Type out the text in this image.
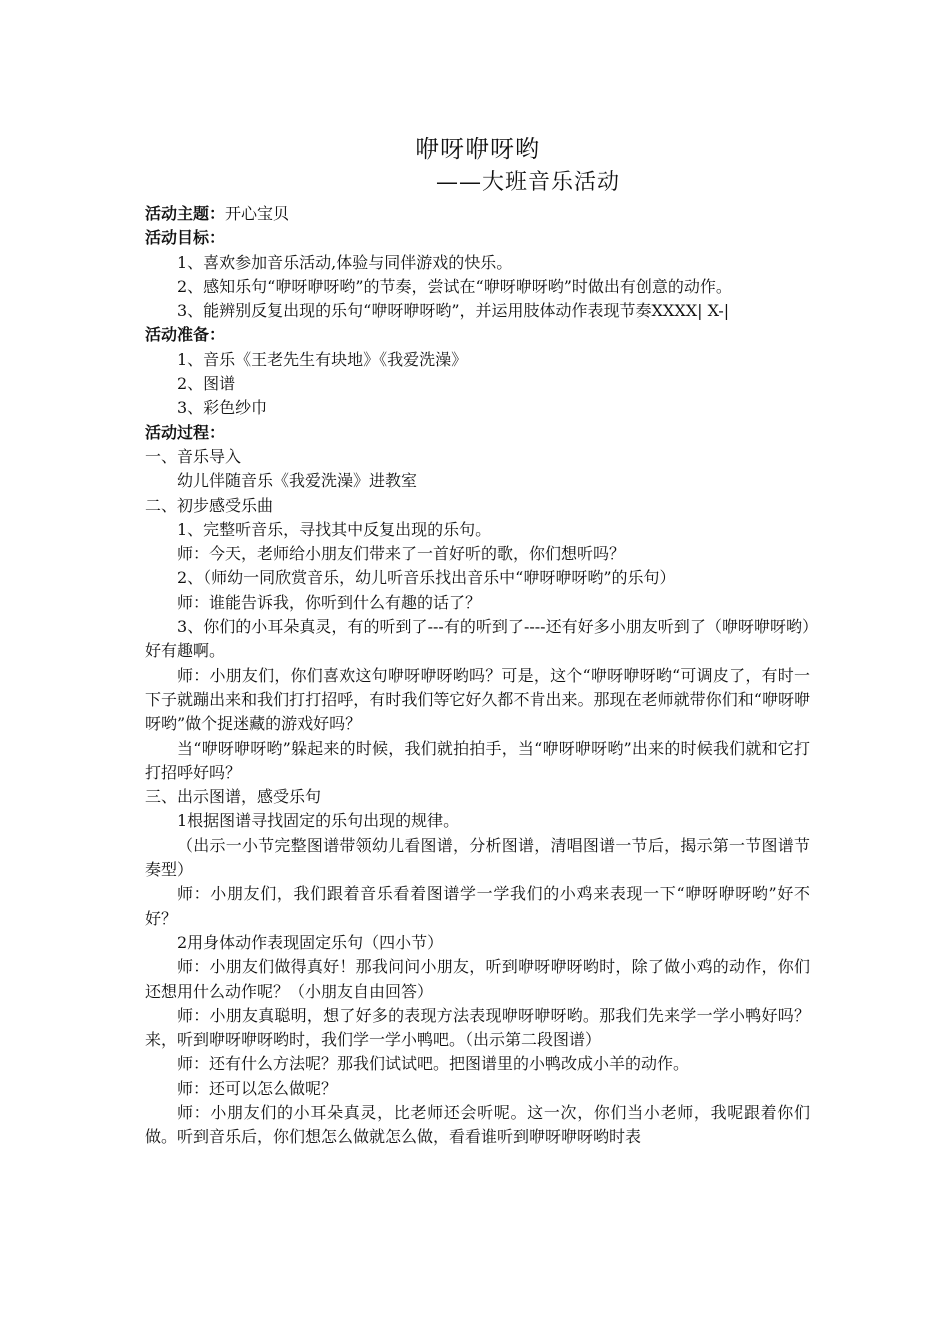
咿呀咿呀哟
——大班音乐活动
活动主题：开心宝贝
活动目标：
1、喜欢参加音乐活动,体验与同伴游戏的快乐。
2、感知乐句“咿呀咿呀哟”的节奏，尝试在“咿呀咿呀哟”时做出有创意的动作。
3、能辨别反复出现的乐句“咿呀咿呀哟”，并运用肢体动作表现节奏XXXX| X-|
活动准备：
1、音乐《王老先生有块地》《我爱洗澡》
2、图谱
3、彩色纱巾
活动过程：
一、音乐导入
幼儿伴随音乐《我爱洗澡》进教室
二、初步感受乐曲
1、完整听音乐，寻找其中反复出现的乐句。
师：今天，老师给小朋友们带来了一首好听的歌，你们想听吗？
2、（师幼一同欣赏音乐，幼儿听音乐找出音乐中“咿呀咿呀哟”的乐句）
师：谁能告诉我，你听到什么有趣的话了？
3、你们的小耳朵真灵，有的听到了---有的听到了----还有好多小朋友听到了（咿呀咿呀哟）好有趣啊。
师：小朋友们，你们喜欢这句咿呀咿呀哟吗？可是，这个“咿呀咿呀哟“可调皮了，有时一下子就蹦出来和我们打打招呼，有时我们等它好久都不肯出来。那现在老师就带你们和“咿呀咿呀哟”做个捉迷藏的游戏好吗？
当“咿呀咿呀哟”躲起来的时候，我们就拍拍手，当“咿呀咿呀哟”出来的时候我们就和它打打招呼好吗？
三、出示图谱，感受乐句
1根据图谱寻找固定的乐句出现的规律。
（出示一小节完整图谱带领幼儿看图谱，分析图谱，清唱图谱一节后，揭示第一节图谱节奏型）
师：小朋友们，我们跟着音乐看着图谱学一学我们的小鸡来表现一下“咿呀咿呀哟”好不好？
2用身体动作表现固定乐句（四小节）
师：小朋友们做得真好！那我问问小朋友，听到咿呀咿呀哟时，除了做小鸡的动作，你们还想用什么动作呢？（小朋友自由回答）
师：小朋友真聪明，想了好多的表现方法表现咿呀咿呀哟。那我们先来学一学小鸭好吗？来，听到咿呀咿呀哟时，我们学一学小鸭吧。（出示第二段图谱）
师：还有什么方法呢？那我们试试吧。把图谱里的小鸭改成小羊的动作。
师：还可以怎么做呢？
师：小朋友们的小耳朵真灵，比老师还会听呢。这一次，你们当小老师，我呢跟着你们做。听到音乐后，你们想怎么做就怎么做，看看谁听到咿呀咿呀哟时表
